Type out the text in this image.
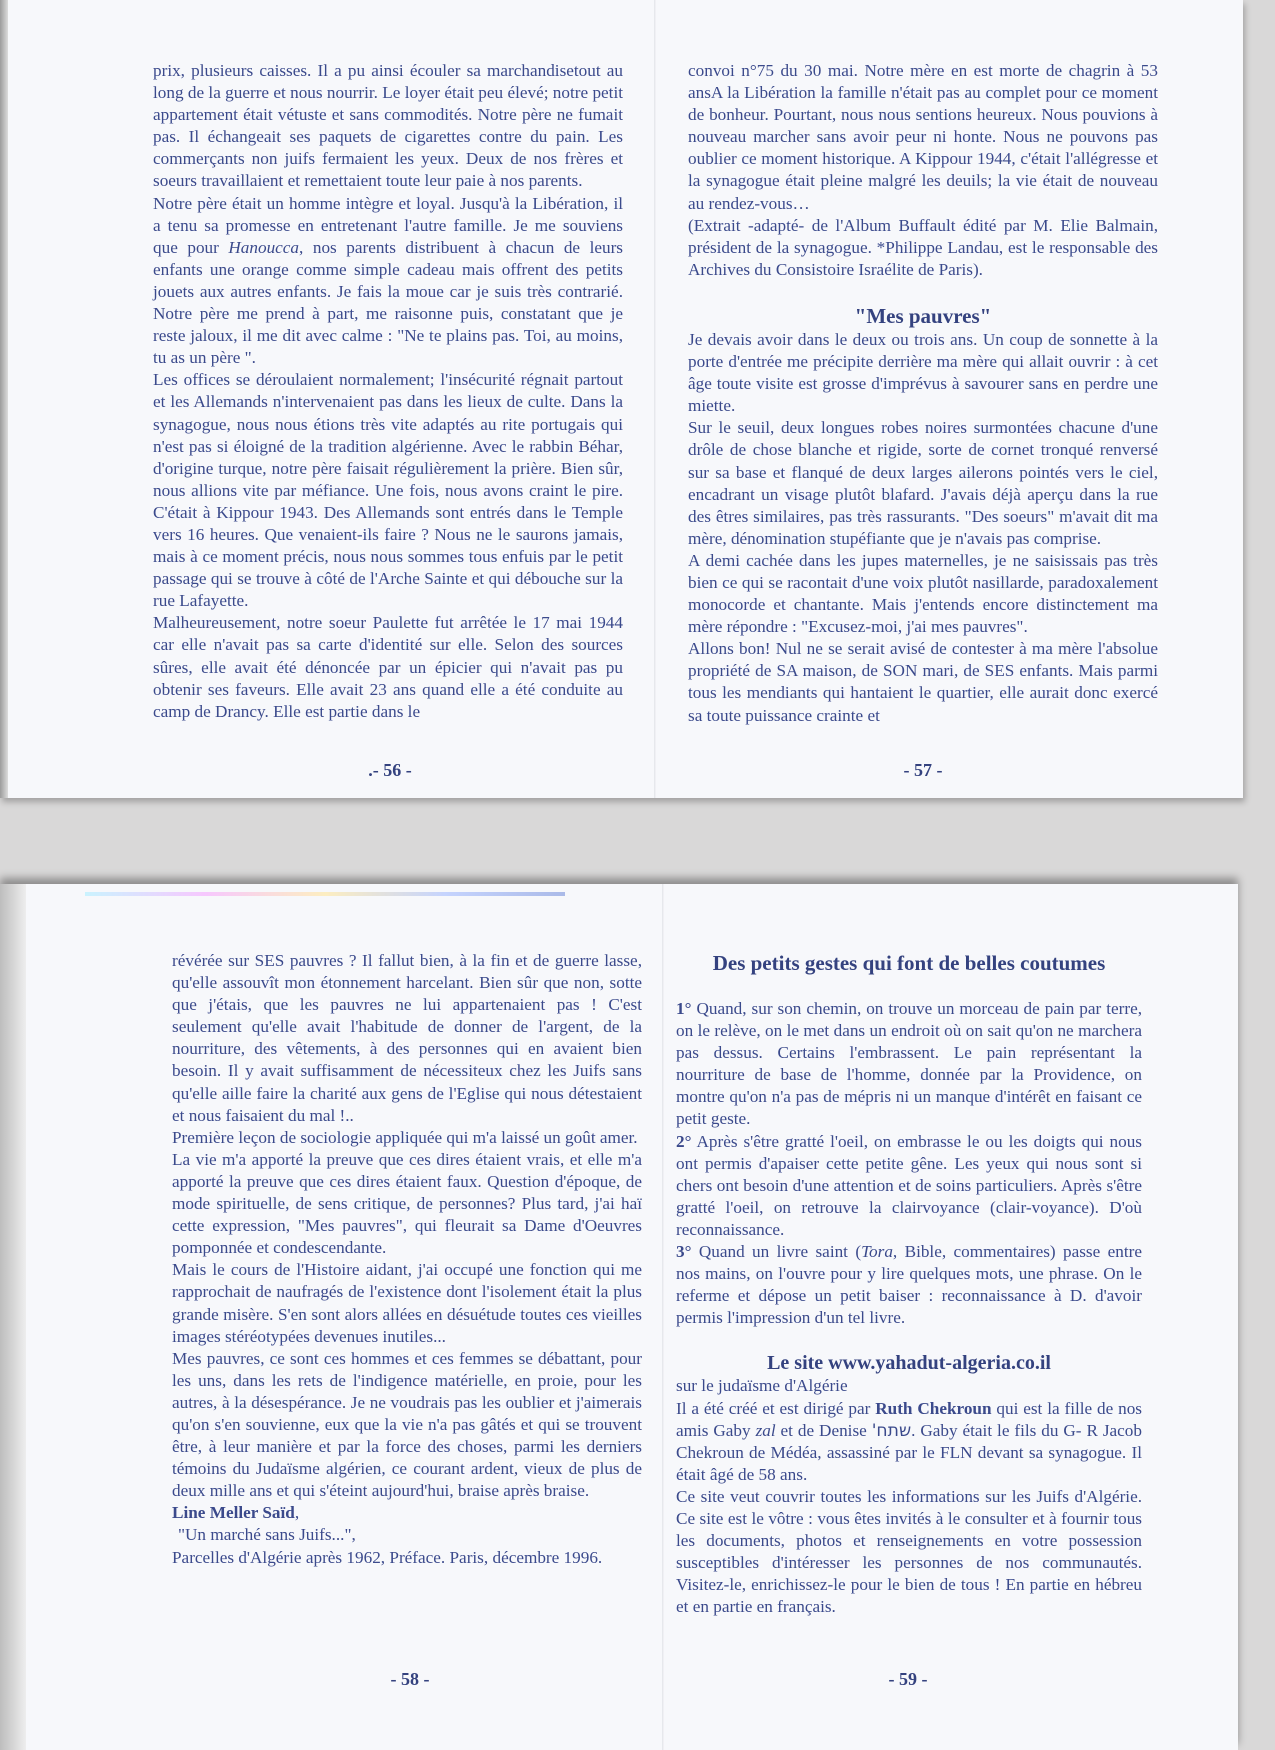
prix, plusieurs caisses. Il a pu ainsi écouler sa marchandisetout au long de la guerre et nous nourrir. Le loyer était peu élevé; notre petit appartement était vétuste et sans commodités. Notre père ne fumait pas. Il échangeait ses paquets de cigarettes contre du pain. Les commerçants non juifs fermaient les yeux. Deux de nos frères et soeurs travaillaient et remettaient toute leur paie à nos parents.

Notre père était un homme intègre et loyal. Jusqu'à la Libération, il a tenu sa promesse en entretenant l'autre famille. Je me souviens que pour Hanoucca, nos parents distribuent à chacun de leurs enfants une orange comme simple cadeau mais offrent des petits jouets aux autres enfants. Je fais la moue car je suis très contrarié. Notre père me prend à part, me raisonne puis, constatant que je reste jaloux, il me dit avec calme : "Ne te plains pas. Toi, au moins, tu as un père ".

Les offices se déroulaient normalement; l'insécurité régnait partout et les Allemands n'intervenaient pas dans les lieux de culte. Dans la synagogue, nous nous étions très vite adaptés au rite portugais qui n'est pas si éloigné de la tradition algérienne. Avec le rabbin Béhar, d'origine turque, notre père faisait régulièrement la prière. Bien sûr, nous allions vite par méfiance. Une fois, nous avons craint le pire. C'était à Kippour 1943. Des Allemands sont entrés dans le Temple vers 16 heures. Que venaient-ils faire ? Nous ne le saurons jamais, mais à ce moment précis, nous nous sommes tous enfuis par le petit passage qui se trouve à côté de l'Arche Sainte et qui débouche sur la rue Lafayette.

Malheureusement, notre soeur Paulette fut arrêtée le 17 mai 1944 car elle n'avait pas sa carte d'identité sur elle. Selon des sources sûres, elle avait été dénoncée par un épicier qui n'avait pas pu obtenir ses faveurs. Elle avait 23 ans quand elle a été conduite au camp de Drancy. Elle est partie dans le

.- 56 -

convoi n°75 du 30 mai. Notre mère en est morte de chagrin à 53 ansA la Libération la famille n'était pas au complet pour ce moment de bonheur. Pourtant, nous nous sentions heureux. Nous pouvions à nouveau marcher sans avoir peur ni honte. Nous ne pouvons pas oublier ce moment historique. A Kippour 1944, c'était l'allégresse et la synagogue était pleine malgré les deuils; la vie était de nouveau au rendez-vous…

(Extrait -adapté- de l'Album Buffault édité par M. Elie Balmain, président de la synagogue. *Philippe Landau, est le responsable des Archives du Consistoire Israélite de Paris).

"Mes pauvres"

Je devais avoir dans le deux ou trois ans. Un coup de sonnette à la porte d'entrée me précipite derrière ma mère qui allait ouvrir : à cet âge toute visite est grosse d'imprévus à savourer sans en perdre une miette.

Sur le seuil, deux longues robes noires surmontées chacune d'une drôle de chose blanche et rigide, sorte de cornet tronqué renversé sur sa base et flanqué de deux larges ailerons pointés vers le ciel, encadrant un visage plutôt blafard. J'avais déjà aperçu dans la rue des êtres similaires, pas très rassurants. "Des soeurs" m'avait dit ma mère, dénomination stupéfiante que je n'avais pas comprise.

A demi cachée dans les jupes maternelles, je ne saisissais pas très bien ce qui se racontait d'une voix plutôt nasillarde, paradoxalement monocorde et chantante. Mais j'entends encore distinctement ma mère répondre : "Excusez-moi, j'ai mes pauvres".

Allons bon! Nul ne se serait avisé de contester à ma mère l'absolue propriété de SA maison, de SON mari, de SES enfants. Mais parmi tous les mendiants qui hantaient le quartier, elle aurait donc exercé sa toute puissance crainte et

- 57 -

révérée sur SES pauvres ? Il fallut bien, à la fin et de guerre lasse, qu'elle assouvît mon étonnement harcelant. Bien sûr que non, sotte que j'étais, que les pauvres ne lui appartenaient pas ! C'est seulement qu'elle avait l'habitude de donner de l'argent, de la nourriture, des vêtements, à des personnes qui en avaient bien besoin. Il y avait suffisamment de nécessiteux chez les Juifs sans qu'elle aille faire la charité aux gens de l'Eglise qui nous détestaient et nous faisaient du mal !..

Première leçon de sociologie appliquée qui m'a laissé un goût amer.

La vie m'a apporté la preuve que ces dires étaient vrais, et elle m'a apporté la preuve que ces dires étaient faux. Question d'époque, de mode spirituelle, de sens critique, de personnes? Plus tard, j'ai haï cette expression, "Mes pauvres", qui fleurait sa Dame d'Oeuvres pomponnée et condescendante.

Mais le cours de l'Histoire aidant, j'ai occupé une fonction qui me rapprochait de naufragés de l'existence dont l'isolement était la plus grande misère. S'en sont alors allées en désuétude toutes ces vieilles images stéréotypées devenues inutiles...

Mes pauvres, ce sont ces hommes et ces femmes se débattant, pour les uns, dans les rets de l'indigence matérielle, en proie, pour les autres, à la désespérance. Je ne voudrais pas les oublier et j'aimerais qu'on s'en souvienne, eux que la vie n'a pas gâtés et qui se trouvent être, à leur manière et par la force des choses, parmi les derniers témoins du Judaïsme algérien, ce courant ardent, vieux de plus de deux mille ans et qui s'éteint aujourd'hui, braise après braise.

Line Meller Saïd,

"Un marché sans Juifs...",

Parcelles d'Algérie après 1962, Préface. Paris, décembre 1996.

- 58 -
Des petits gestes qui font de belles coutumes

1° Quand, sur son chemin, on trouve un morceau de pain par terre, on le relève, on le met dans un endroit où on sait qu'on ne marchera pas dessus. Certains l'embrassent. Le pain représentant la nourriture de base de l'homme, donnée par la Providence, on montre qu'on n'a pas de mépris ni un manque d'intérêt en faisant ce petit geste.

2° Après s'être gratté l'oeil, on embrasse le ou les doigts qui nous ont permis d'apaiser cette petite gêne. Les yeux qui nous sont si chers ont besoin d'une attention et de soins particuliers. Après s'être gratté l'oeil, on retrouve la clairvoyance (clair-voyance). D'où reconnaissance.

3° Quand un livre saint (Tora, Bible, commentaires) passe entre nos mains, on l'ouvre pour y lire quelques mots, une phrase. On le referme et dépose un petit baiser : reconnaissance à D. d'avoir permis l'impression d'un tel livre.

Le site www.yahadut-algeria.co.il

sur le judaïsme d'Algérie

Il a été créé et est dirigé par Ruth Chekroun qui est la fille de nos amis Gaby zal et de Denise שתח'. Gaby était le fils du G- R Jacob Chekroun de Médéa, assassiné par le FLN devant sa synagogue. Il était âgé de 58 ans.

Ce site veut couvrir toutes les informations sur les Juifs d'Algérie. Ce site est le vôtre : vous êtes invités à le consulter et à fournir tous les documents, photos et renseignements en votre possession susceptibles d'intéresser les personnes de nos communautés. Visitez-le, enrichissez-le pour le bien de tous ! En partie en hébreu et en partie en français.

- 59 -
